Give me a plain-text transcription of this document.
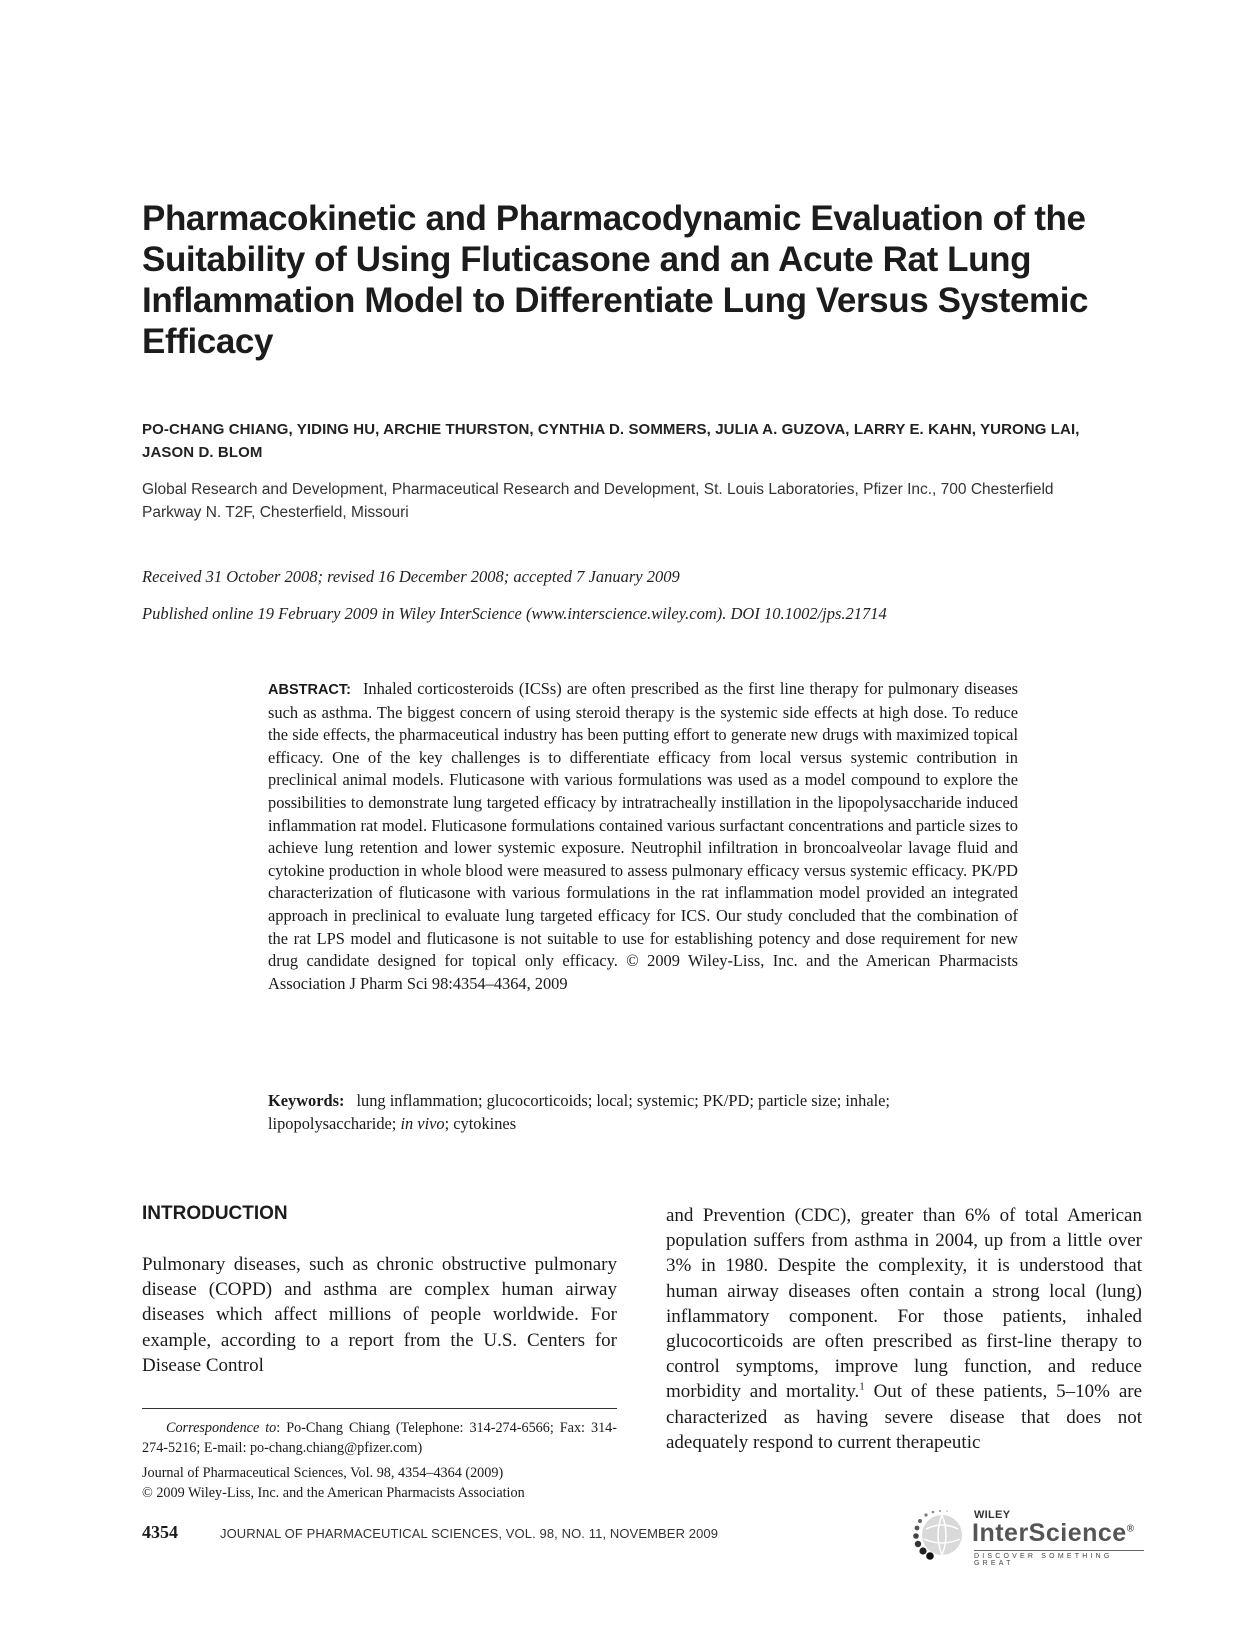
Pharmacokinetic and Pharmacodynamic Evaluation of the Suitability of Using Fluticasone and an Acute Rat Lung Inflammation Model to Differentiate Lung Versus Systemic Efficacy
PO-CHANG CHIANG, YIDING HU, ARCHIE THURSTON, CYNTHIA D. SOMMERS, JULIA A. GUZOVA, LARRY E. KAHN, YURONG LAI, JASON D. BLOM
Global Research and Development, Pharmaceutical Research and Development, St. Louis Laboratories, Pfizer Inc., 700 Chesterfield Parkway N. T2F, Chesterfield, Missouri
Received 31 October 2008; revised 16 December 2008; accepted 7 January 2009
Published online 19 February 2009 in Wiley InterScience (www.interscience.wiley.com). DOI 10.1002/jps.21714
ABSTRACT: Inhaled corticosteroids (ICSs) are often prescribed as the first line therapy for pulmonary diseases such as asthma. The biggest concern of using steroid therapy is the systemic side effects at high dose. To reduce the side effects, the pharmaceutical industry has been putting effort to generate new drugs with maximized topical efficacy. One of the key challenges is to differentiate efficacy from local versus systemic contribution in preclinical animal models. Fluticasone with various formulations was used as a model compound to explore the possibilities to demonstrate lung targeted efficacy by intratracheally instillation in the lipopolysaccharide induced inflammation rat model. Fluticasone formulations contained various surfactant concentrations and particle sizes to achieve lung retention and lower systemic exposure. Neutrophil infiltration in broncoalveolar lavage fluid and cytokine production in whole blood were measured to assess pulmonary efficacy versus systemic efficacy. PK/PD characterization of fluticasone with various formulations in the rat inflammation model provided an integrated approach in preclinical to evaluate lung targeted efficacy for ICS. Our study concluded that the combination of the rat LPS model and fluticasone is not suitable to use for establishing potency and dose requirement for new drug candidate designed for topical only efficacy. © 2009 Wiley-Liss, Inc. and the American Pharmacists Association J Pharm Sci 98:4354–4364, 2009
Keywords: lung inflammation; glucocorticoids; local; systemic; PK/PD; particle size; inhale; lipopolysaccharide; in vivo; cytokines
INTRODUCTION
Pulmonary diseases, such as chronic obstructive pulmonary disease (COPD) and asthma are complex human airway diseases which affect millions of people worldwide. For example, according to a report from the U.S. Centers for Disease Control
and Prevention (CDC), greater than 6% of total American population suffers from asthma in 2004, up from a little over 3% in 1980. Despite the complexity, it is understood that human airway diseases often contain a strong local (lung) inflammatory component. For those patients, inhaled glucocorticoids are often prescribed as first-line therapy to control symptoms, improve lung function, and reduce morbidity and mortality.$^1$ Out of these patients, 5–10% are characterized as having severe disease that does not adequately respond to current therapeutic
Correspondence to: Po-Chang Chiang (Telephone: 314-274-6566; Fax: 314-274-5216; E-mail: po-chang.chiang@pfizer.com)
Journal of Pharmaceutical Sciences, Vol. 98, 4354–4364 (2009)
© 2009 Wiley-Liss, Inc. and the American Pharmacists Association
4354	JOURNAL OF PHARMACEUTICAL SCIENCES, VOL. 98, NO. 11, NOVEMBER 2009
WILEY
InterScience®
DISCOVER SOMETHING GREAT
